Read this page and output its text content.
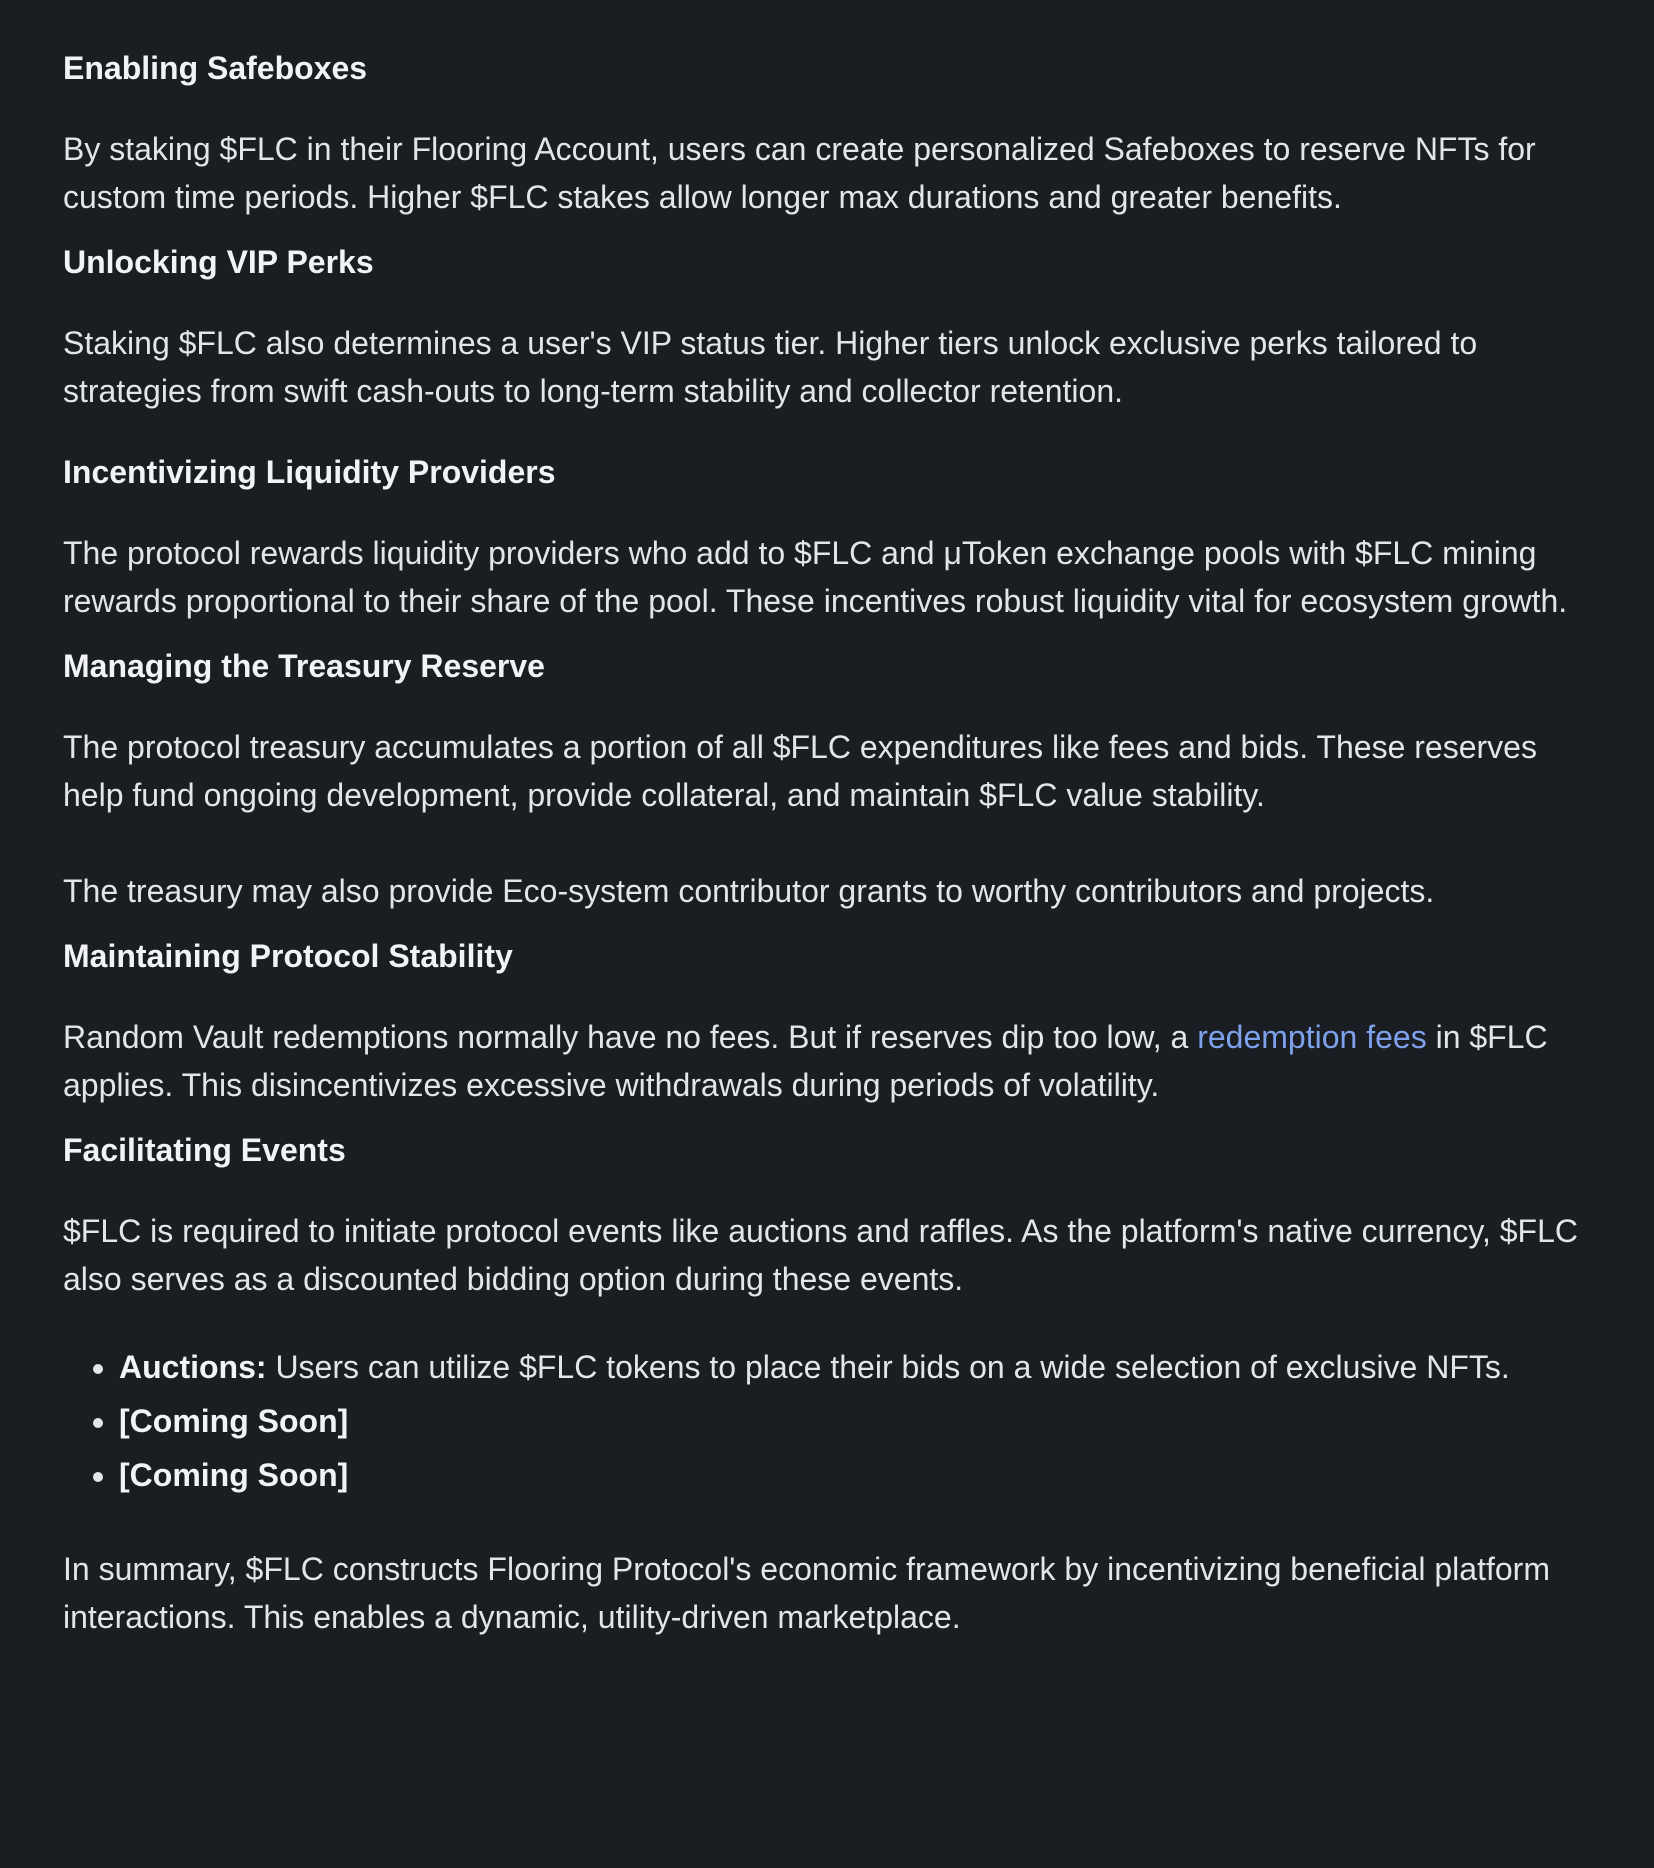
Enabling Safeboxes

By staking $FLC in their Flooring Account, users can create personalized Safeboxes to reserve NFTs for custom time periods. Higher $FLC stakes allow longer max durations and greater benefits.

Unlocking VIP Perks

Staking $FLC also determines a user's VIP status tier. Higher tiers unlock exclusive perks tailored to strategies from swift cash-outs to long-term stability and collector retention.

Incentivizing Liquidity Providers

The protocol rewards liquidity providers who add to $FLC and μToken exchange pools with $FLC mining rewards proportional to their share of the pool. These incentives robust liquidity vital for ecosystem growth.

Managing the Treasury Reserve

The protocol treasury accumulates a portion of all $FLC expenditures like fees and bids. These reserves help fund ongoing development, provide collateral, and maintain $FLC value stability.

The treasury may also provide Eco-system contributor grants to worthy contributors and projects.

Maintaining Protocol Stability

Random Vault redemptions normally have no fees. But if reserves dip too low, a redemption fees in $FLC applies. This disincentivizes excessive withdrawals during periods of volatility.

Facilitating Events

$FLC is required to initiate protocol events like auctions and raffles. As the platform's native currency, $FLC also serves as a discounted bidding option during these events.

• Auctions: Users can utilize $FLC tokens to place their bids on a wide selection of exclusive NFTs.
• [Coming Soon]
• [Coming Soon]

In summary, $FLC constructs Flooring Protocol's economic framework by incentivizing beneficial platform interactions. This enables a dynamic, utility-driven marketplace.
